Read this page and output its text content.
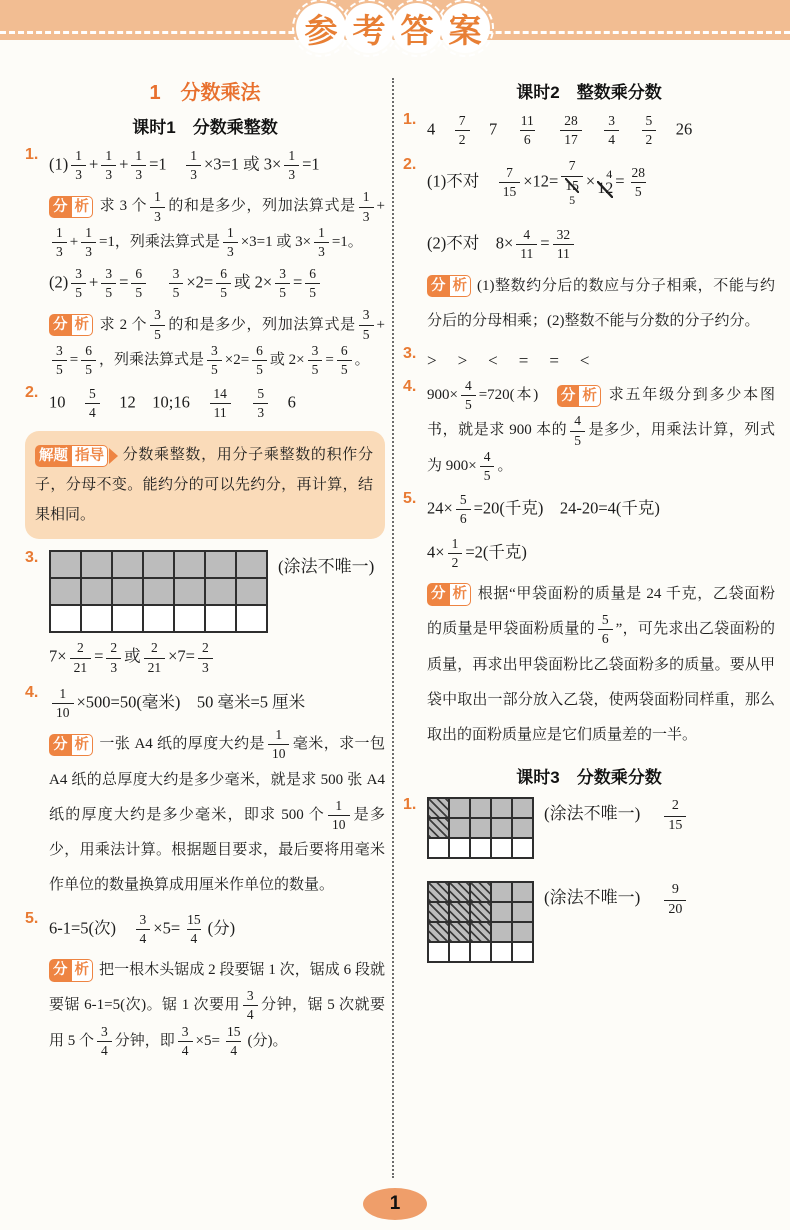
参 考 答 案
1　分数乘法
课时1　分数乘整数
1. $(1) \frac{1}{3} + \frac{1}{3} + \frac{1}{3} =1$　 $\frac{1}{3} \times 3=1$ 或 $3\times \frac{1}{3} =1$
分 析 求 3 个 $\frac{1}{3}$ 的和是多少，列加法算式是 $\frac{1}{3}$ +
$\frac{1}{3} + \frac{1}{3} =1$，列乘法算式是 $\frac{1}{3} \times 3=1$ 或 $3\times \frac{1}{3} =1$。
$(2) \frac{3}{5} + \frac{3}{5} = \frac{6}{5}$
　 $\frac{3}{5} \times 2= \frac{6}{5}$ 或 $2\times \frac{3}{5} = \frac{6}{5}$
分 析 求 2 个 $\frac{3}{5}$ 的和是多少，列加法算式是 $\frac{3}{5}$ +
$\frac{3}{5} = \frac{6}{5}$ ，列乘法算式是 $\frac{3}{5} \times 2= \frac{6}{5}$ 或 $2\times \frac{3}{5} = \frac{6}{5}$ 。
2. 10　 $\frac{5}{4}$ 　12　10;16　 $\frac{14}{11}$
　 $\frac{5}{3}$ 　6
解题 指导 分数乘整数，用分子乘整数的积作分子，分母不变。能约分的可以先约分，再计算，结果相同。
3.	(涂法不唯一)
$7\times \frac{2}{21} = \frac{2}{3}$ 或 $\frac{2}{21} \times 7= \frac{2}{3}$
4.	$\frac{1}{10} \times 500=50$(毫米)　50 毫米=5 厘米
分 析 一张 A4 纸的厚度大约是 $\frac{1}{10}$ 毫米，求一包 A4 纸的总厚度大约是多少毫米，就是求 500 张 A4 纸的厚度大约是多少毫米，即求 500 个 $\frac{1}{10}$ 是多少，用乘法计算。根据题目要求，最后要将用毫米作单位的数量换算成用厘米作单位的数量。
5. 6-1=5(次)　 $\frac{3}{4} \times 5= \frac{15}{4}$ (分)
分 析 把一根木头锯成 2 段要锯 1 次，锯成 6 段就要锯 6-1=5(次)。锯 1 次要用 $\frac{3}{4}$ 分钟，锯 5 次就要用 5 个 $\frac{3}{4}$ 分钟，即 $\frac{3}{4} \times 5= \frac{15}{4}$ (分)。
课时2　整数乘分数
1. 4　 $\frac{7}{2}$ 　7　 $\frac{11}{6}$
　 $\frac{28}{17}$
　 $\frac{3}{4}$
　 $\frac{5}{2}$ 　26
2.
(1)不对　 $\frac{7}{15} \times 12=$
7
15
5
× 4
$12 = \frac{28}{5}$
(2)不对　$8\times \frac{4}{11} = \frac{32}{11}$
分 析 (1)整数约分后的数应与分子相乘，不能与约分后的分母相乘；(2)整数不能与分数的分子约分。
3. >　>　<　=　=　<
4.
$900\times \frac{4}{5} =720$(本)　 分 析 求五年级分到多少本图书，就是求 900 本的 $\frac{4}{5}$ 是多少，用乘法计算，列式为 $900\times \frac{4}{5}$ 。
5. $24\times \frac{5}{6} =20$(千克)　24-20=4(千克)
$4\times \frac{1}{2} =2$(千克)
分 析 根据“甲袋面粉的质量是 24 千克，乙袋面粉的质量是甲袋面粉质量的 $\frac{5}{6}$ ”，可先求出乙袋面粉的质量，再求出甲袋面粉比乙袋面粉多的质量。要从甲袋中取出一部分放入乙袋，使两袋面粉同样重，那么取出的面粉质量应是它们质量差的一半。
课时3　分数乘分数
1.	(涂法不唯一) $\frac{2}{15}$
(涂法不唯一) $\frac{9}{20}$
1
